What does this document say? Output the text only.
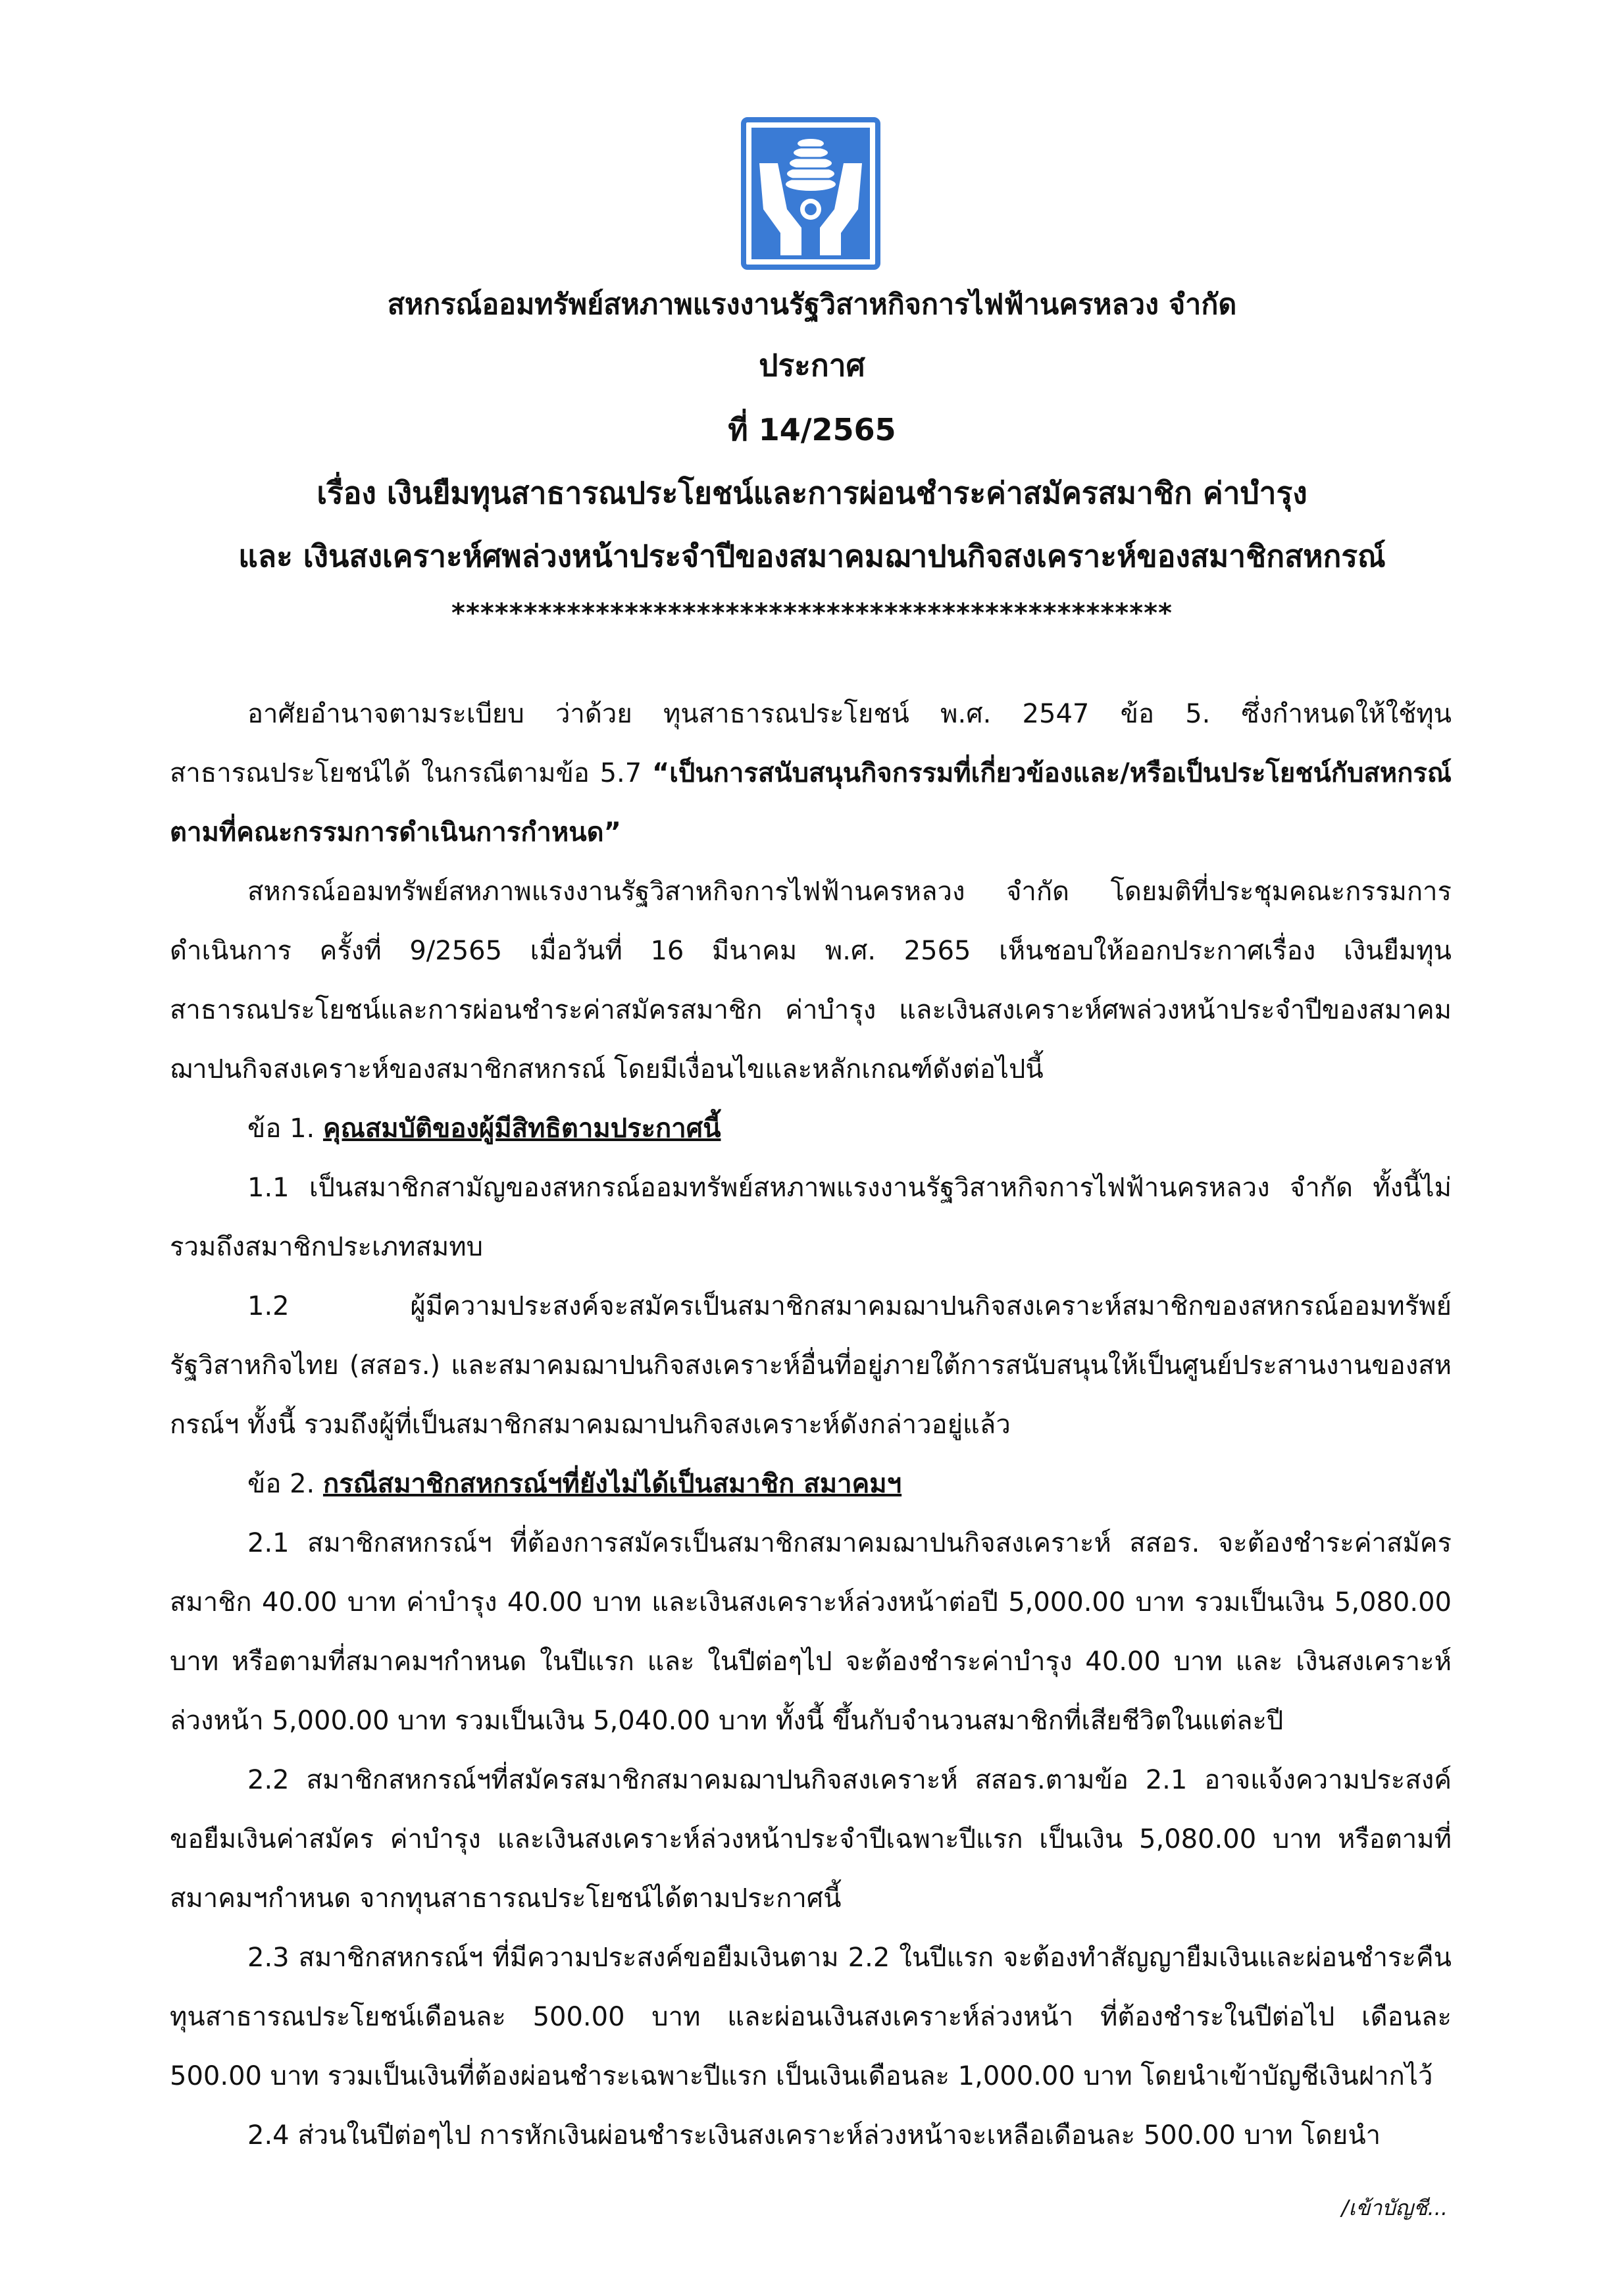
สหกรณ์ออมทรัพย์สหภาพแรงงานรัฐวิสาหกิจการไฟฟ้านครหลวง จำกัด
ประกาศ
ที่ 14/2565
เรื่อง เงินยืมทุนสาธารณประโยชน์และการผ่อนชำระค่าสมัครสมาชิก ค่าบำรุง
และ เงินสงเคราะห์ศพล่วงหน้าประจำปีของสมาคมฌาปนกิจสงเคราะห์ของสมาชิกสหกรณ์
**************************************************

อาศัยอำนาจตามระเบียบ ว่าด้วย ทุนสาธารณประโยชน์ พ.ศ. 2547 ข้อ 5. ซึ่งกำหนดให้ใช้ทุนสาธารณประโยชน์ได้ ในกรณีตามข้อ 5.7 “เป็นการสนับสนุนกิจกรรมที่เกี่ยวข้องและ/หรือเป็นประโยชน์กับสหกรณ์ตามที่คณะกรรมการดำเนินการกำหนด”

สหกรณ์ออมทรัพย์สหภาพแรงงานรัฐวิสาหกิจการไฟฟ้านครหลวง จำกัด โดยมติที่ประชุมคณะกรรมการดำเนินการ ครั้งที่ 9/2565 เมื่อวันที่ 16 มีนาคม พ.ศ. 2565 เห็นชอบให้ออกประกาศเรื่อง เงินยืมทุนสาธารณประโยชน์และการผ่อนชำระค่าสมัครสมาชิก ค่าบำรุง และเงินสงเคราะห์ศพล่วงหน้าประจำปีของสมาคมฌาปนกิจสงเคราะห์ของสมาชิกสหกรณ์ โดยมีเงื่อนไขและหลักเกณฑ์ดังต่อไปนี้

ข้อ 1. คุณสมบัติของผู้มีสิทธิตามประกาศนี้

1.1 เป็นสมาชิกสามัญของสหกรณ์ออมทรัพย์สหภาพแรงงานรัฐวิสาหกิจการไฟฟ้านครหลวง จำกัด ทั้งนี้ไม่รวมถึงสมาชิกประเภทสมทบ

1.2 ผู้มีความประสงค์จะสมัครเป็นสมาชิกสมาคมฌาปนกิจสงเคราะห์สมาชิกของสหกรณ์ออมทรัพย์รัฐวิสาหกิจไทย (สสอร.) และสมาคมฌาปนกิจสงเคราะห์อื่นที่อยู่ภายใต้การสนับสนุนให้เป็นศูนย์ประสานงานของสหกรณ์ฯ ทั้งนี้ รวมถึงผู้ที่เป็นสมาชิกสมาคมฌาปนกิจสงเคราะห์ดังกล่าวอยู่แล้ว

ข้อ 2. กรณีสมาชิกสหกรณ์ฯที่ยังไม่ได้เป็นสมาชิก สมาคมฯ

2.1 สมาชิกสหกรณ์ฯ ที่ต้องการสมัครเป็นสมาชิกสมาคมฌาปนกิจสงเคราะห์ สสอร. จะต้องชำระค่าสมัครสมาชิก 40.00 บาท ค่าบำรุง 40.00 บาท และเงินสงเคราะห์ล่วงหน้าต่อปี 5,000.00 บาท รวมเป็นเงิน 5,080.00 บาท หรือตามที่สมาคมฯกำหนด ในปีแรก และ ในปีต่อๆไป จะต้องชำระค่าบำรุง 40.00 บาท และ เงินสงเคราะห์ล่วงหน้า 5,000.00 บาท รวมเป็นเงิน 5,040.00 บาท ทั้งนี้ ขึ้นกับจำนวนสมาชิกที่เสียชีวิตในแต่ละปี

2.2 สมาชิกสหกรณ์ฯที่สมัครสมาชิกสมาคมฌาปนกิจสงเคราะห์ สสอร.ตามข้อ 2.1 อาจแจ้งความประสงค์ขอยืมเงินค่าสมัคร ค่าบำรุง และเงินสงเคราะห์ล่วงหน้าประจำปีเฉพาะปีแรก เป็นเงิน 5,080.00 บาท หรือตามที่สมาคมฯกำหนด จากทุนสาธารณประโยชน์ได้ตามประกาศนี้

2.3 สมาชิกสหกรณ์ฯ ที่มีความประสงค์ขอยืมเงินตาม 2.2 ในปีแรก จะต้องทำสัญญายืมเงินและผ่อนชำระคืนทุนสาธารณประโยชน์เดือนละ 500.00 บาท และผ่อนเงินสงเคราะห์ล่วงหน้า ที่ต้องชำระในปีต่อไป เดือนละ 500.00 บาท รวมเป็นเงินที่ต้องผ่อนชำระเฉพาะปีแรก เป็นเงินเดือนละ 1,000.00 บาท โดยนำเข้าบัญชีเงินฝากไว้

2.4 ส่วนในปีต่อๆไป การหักเงินผ่อนชำระเงินสงเคราะห์ล่วงหน้าจะเหลือเดือนละ 500.00 บาท โดยนำ

/เข้าบัญชี...
